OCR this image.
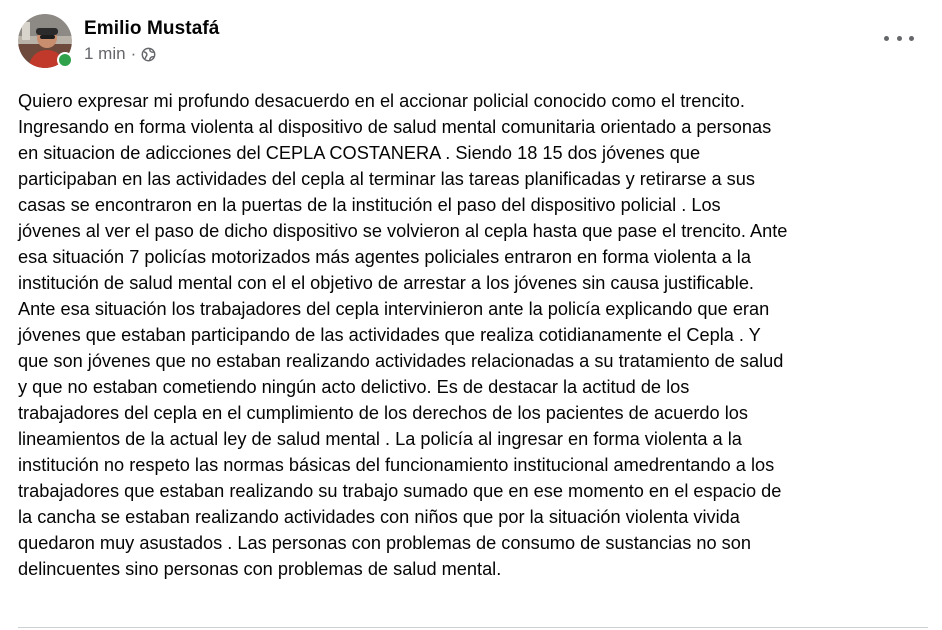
Emilio Mustafá
1 min ·
Quiero expresar mi profundo desacuerdo en el accionar policial conocido como el trencito.
Ingresando en forma violenta al dispositivo de salud mental comunitaria orientado a personas
en situacion de adicciones del CEPLA COSTANERA . Siendo 18 15 dos jóvenes que
participaban en las actividades del cepla al terminar las tareas planificadas y retirarse a sus
casas se encontraron en la puertas de la institución el paso del dispositivo policial . Los
jóvenes al ver el paso de dicho dispositivo se volvieron al cepla hasta que pase el trencito. Ante
esa situación 7 policías motorizados más agentes policiales entraron en forma violenta a la
institución de salud mental con el el objetivo de arrestar a los jóvenes sin causa justificable.
Ante esa situación los trabajadores del cepla intervinieron ante la policía explicando que eran
jóvenes que estaban participando de las actividades que realiza cotidianamente el Cepla . Y
que son jóvenes que no estaban realizando actividades relacionadas a su tratamiento de salud
y que no estaban cometiendo ningún acto delictivo. Es de destacar la actitud de los
trabajadores del cepla en el cumplimiento de los derechos de los pacientes de acuerdo los
lineamientos de la actual ley de salud mental . La policía al ingresar en forma violenta a la
institución no respeto las normas básicas del funcionamiento institucional amedrentando a los
trabajadores que estaban realizando su trabajo sumado que en ese momento en el espacio de
la cancha se estaban realizando actividades con niños que por la situación violenta vivida
quedaron muy asustados . Las personas con problemas de consumo de sustancias no son
delincuentes sino personas con problemas de salud mental.
